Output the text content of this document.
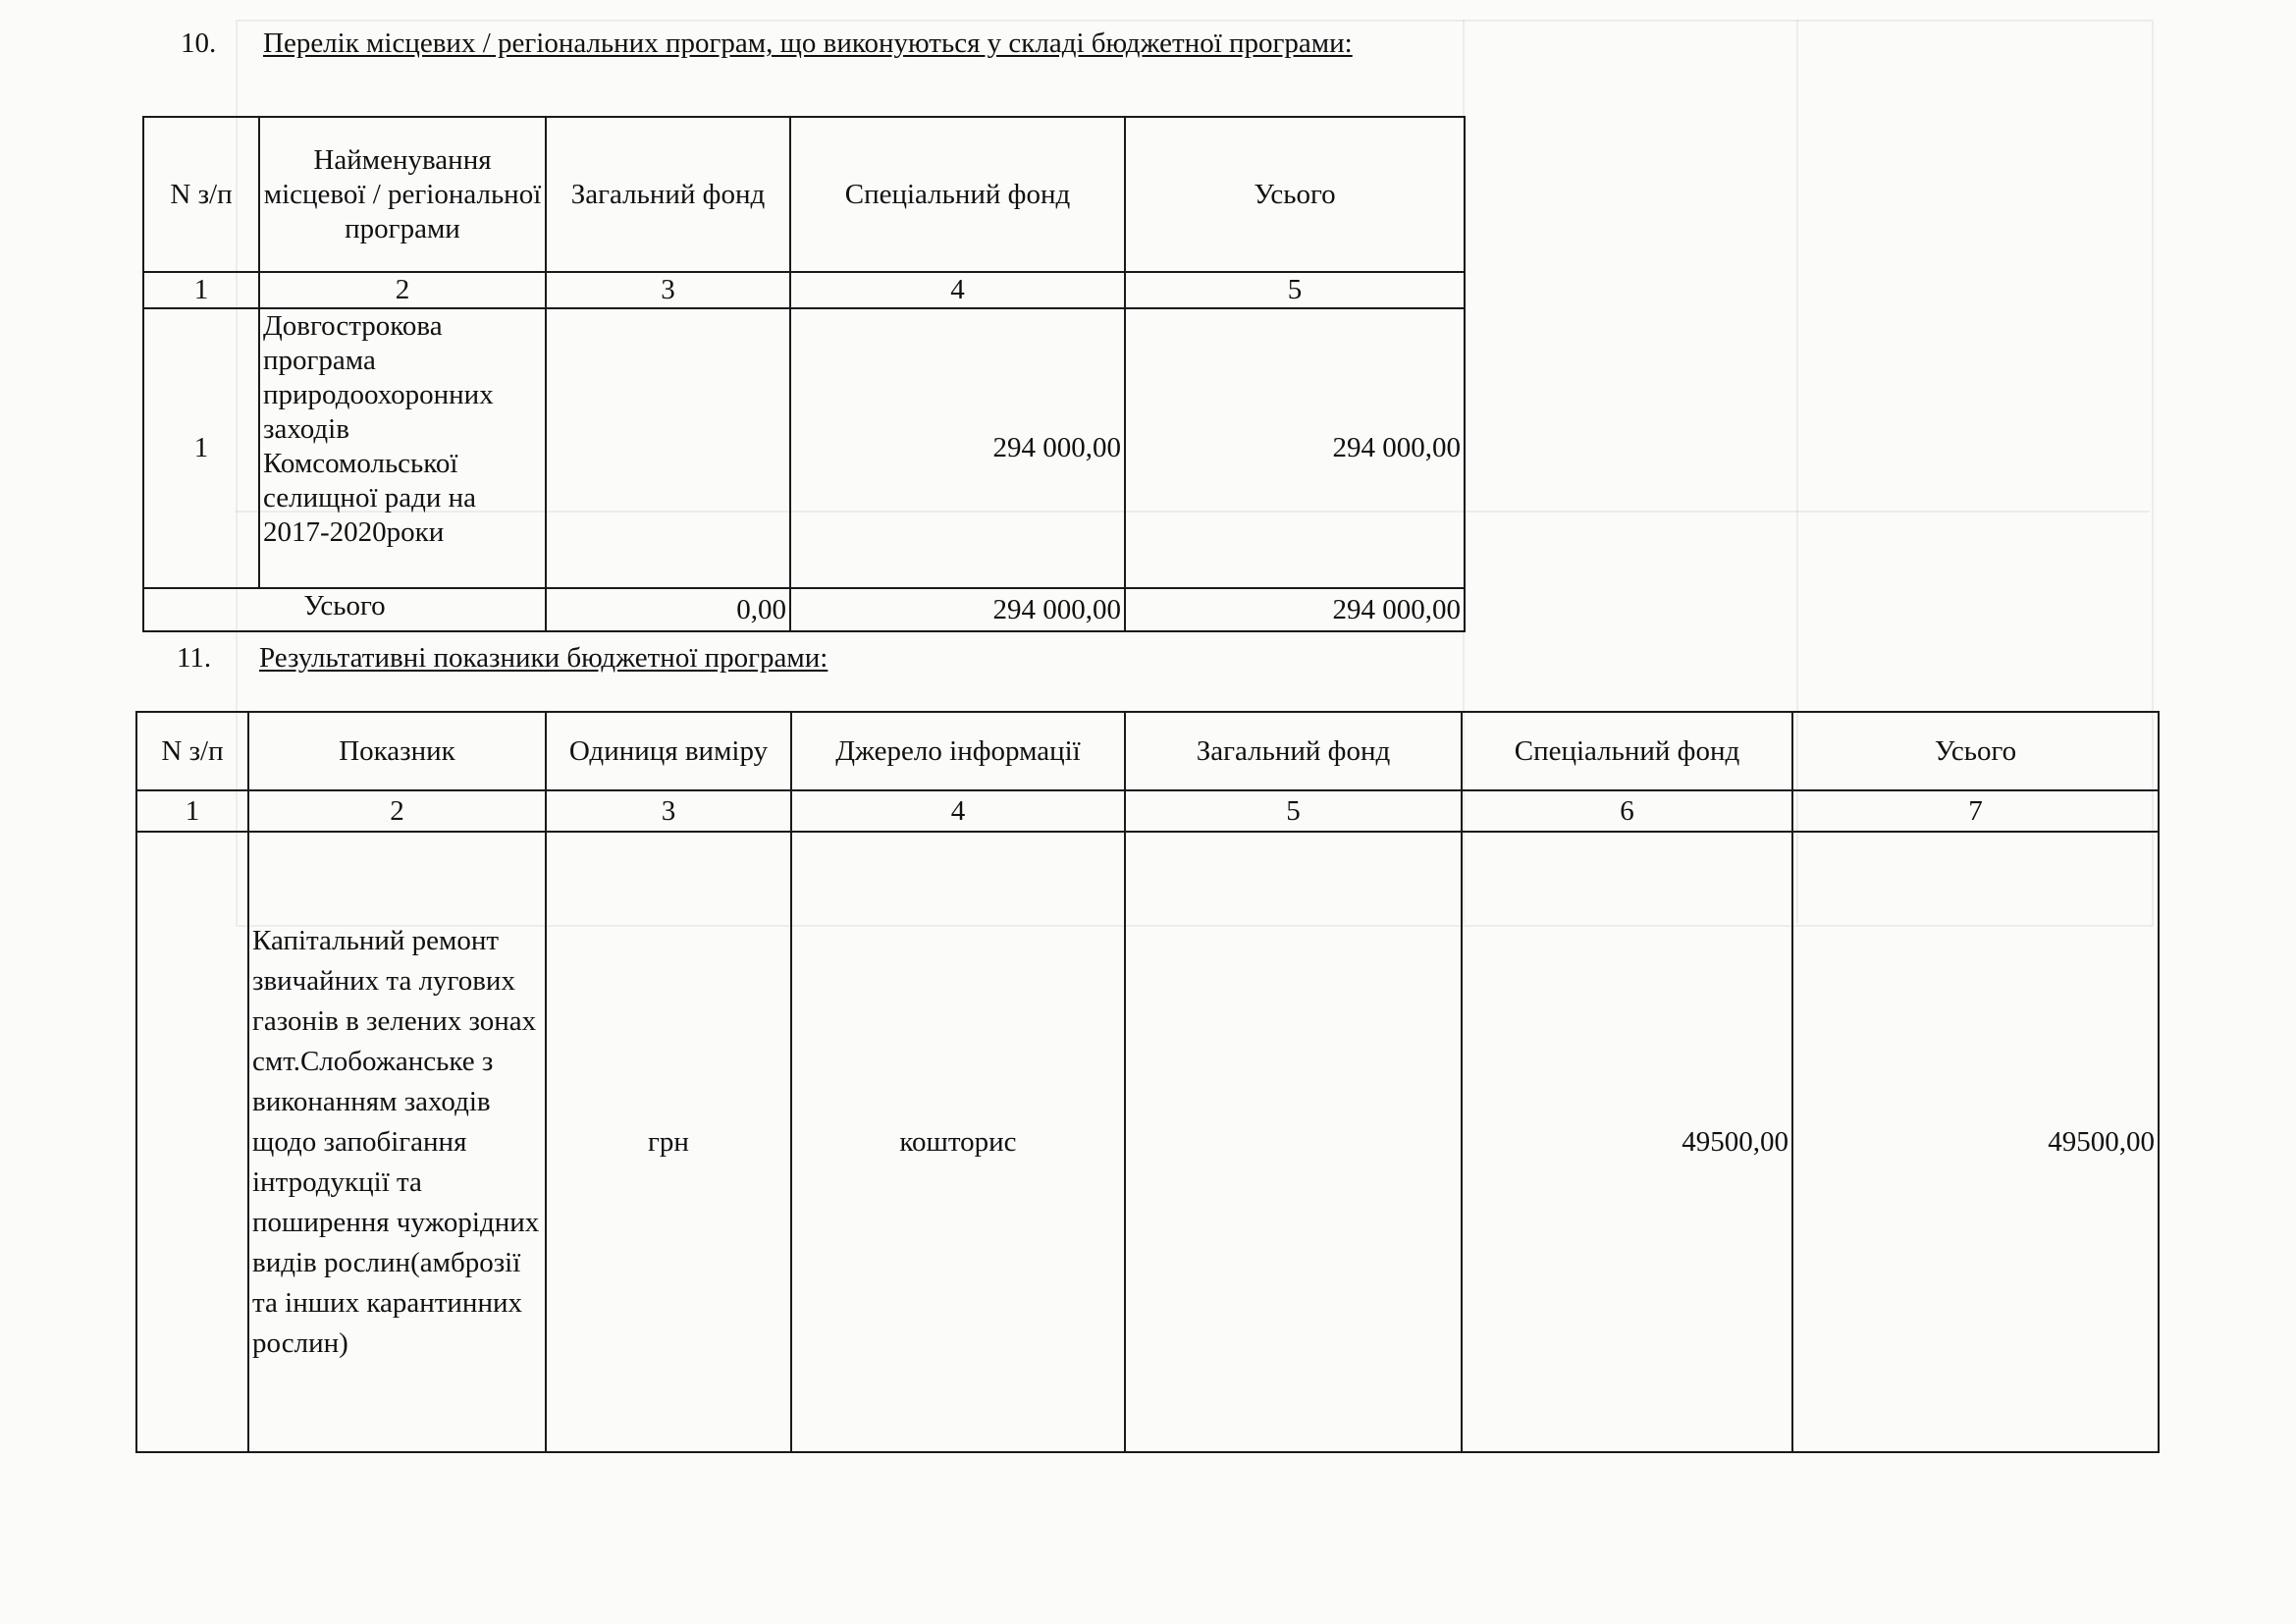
10. Перелік місцевих / регіональних програм, що виконуються у складі бюджетної програми:
N з/п	Найменування місцевої / регіональної програми	Загальний фонд	Спеціальний фонд	Усього
1	2	3	4	5
1	Довгострокова програма природоохоронних заходів Комсомольської селищної ради на 2017-2020роки		294 000,00	294 000,00
Усього		0,00	294 000,00	294 000,00
11. Результативні показники бюджетної програми:
N з/п	Показник	Одиниця виміру	Джерело інформації	Загальний фонд	Спеціальний фонд	Усього
1	2	3	4	5	6	7
	Капітальний ремонт звичайних та лугових газонів в зелених зонах смт.Слобожанське з виконанням заходів щодо запобігання інтродукції та поширення чужорідних видів рослин(амброзії та інших карантинних рослин)	грн	кошторис		49500,00	49500,00
